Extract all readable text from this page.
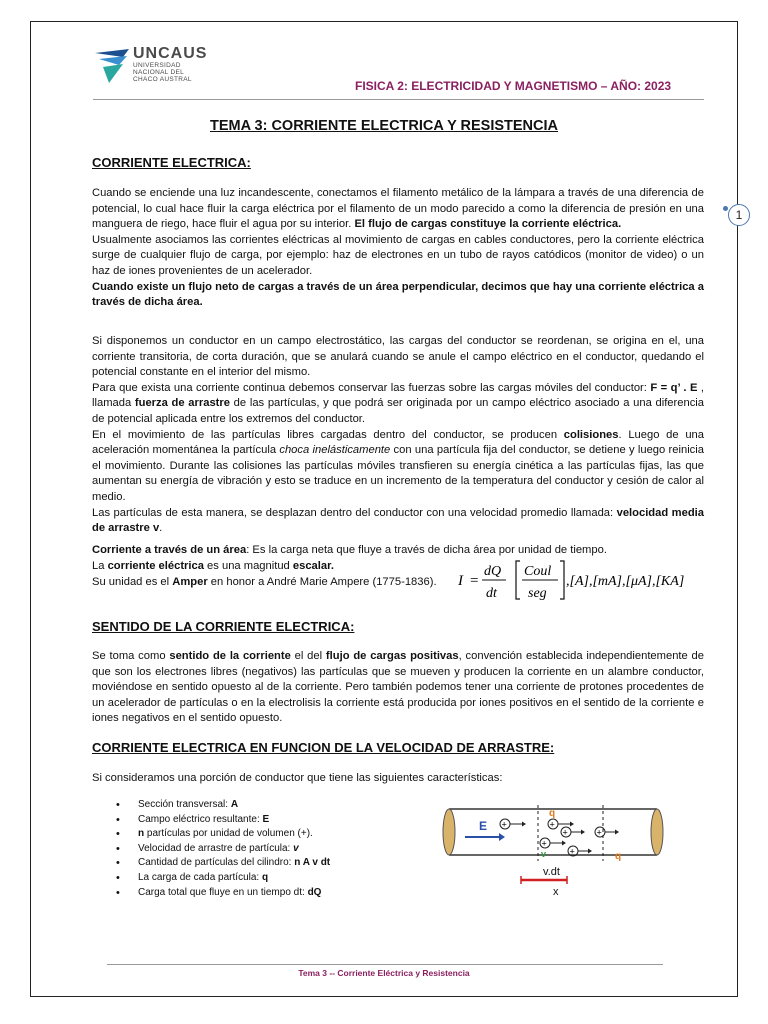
UNCAUS
UNIVERSIDAD
NACIONAL DEL
CHACO AUSTRAL	FISICA 2: ELECTRICIDAD Y MAGNETISMO – AÑO: 2023
1
TEMA 3: CORRIENTE ELECTRICA Y RESISTENCIA
CORRIENTE ELECTRICA:
Cuando se enciende una luz incandescente, conectamos el filamento metálico de la lámpara a través de una diferencia de potencial, lo cual hace fluir la carga eléctrica por el filamento de un modo parecido a como la diferencia de presión en una manguera de riego, hace fluir el agua por su interior. El flujo de cargas constituye la corriente eléctrica.
Usualmente asociamos las corrientes eléctricas al movimiento de cargas en cables conductores, pero la corriente eléctrica surge de cualquier flujo de carga, por ejemplo: haz de electrones en un tubo de rayos catódicos (monitor de video) o un haz de iones provenientes de un acelerador.
Cuando existe un flujo neto de cargas a través de un área perpendicular, decimos que hay una corriente eléctrica a través de dicha área.
Si disponemos un conductor en un campo electrostático, las cargas del conductor se reordenan, se origina en el, una corriente transitoria, de corta duración, que se anulará cuando se anule el campo eléctrico en el conductor, quedando el potencial constante en el interior del mismo.
Para que exista una corriente continua debemos conservar las fuerzas sobre las cargas móviles del conductor: F = q’ . E , llamada fuerza de arrastre de las partículas, y que podrá ser originada por un campo eléctrico asociado a una diferencia de potencial aplicada entre los extremos del conductor.
En el movimiento de las partículas libres cargadas dentro del conductor, se producen colisiones. Luego de una aceleración momentánea la partícula choca inelásticamente con una partícula fija del conductor, se detiene y luego reinicia el movimiento. Durante las colisiones las partículas móviles transfieren su energía cinética a las partículas fijas, las que aumentan su energía de vibración y esto se traduce en un incremento de la temperatura del conductor y cesión de calor al medio.
Las partículas de esta manera, se desplazan dentro del conductor con una velocidad promedio llamada: velocidad media de arrastre v.
Corriente a través de un área: Es la carga neta que fluye a través de dicha área por unidad de tiempo.
La corriente eléctrica es una magnitud escalar.
Su unidad es el Amper en honor a André Marie Ampere (1775-1836).	I =
dQ
dt
Coul
seg
,[A],[mA],[μA],[KA]
SENTIDO DE LA CORRIENTE ELECTRICA:
Se toma como sentido de la corriente el del flujo de cargas positivas, convención establecida independientemente de que son los electrones libres (negativos) las partículas que se mueven y producen la corriente en un alambre conductor, moviéndose en sentido opuesto al de la corriente. Pero también podemos tener una corriente de protones procedentes de un acelerador de partículas o en la electrolisis la corriente está producida por iones positivos en el sentido de la corriente e iones negativos en el sentido opuesto.
CORRIENTE ELECTRICA EN FUNCION DE LA VELOCIDAD DE ARRASTRE:
Si consideramos una porción de conductor que tiene las siguientes características:
• Sección transversal: A
• Campo eléctrico resultante: E
• n partículas por unidad de volumen (+).
• Velocidad de arrastre de partícula: v
• Cantidad de partículas del cilindro: n A v dt
• La carga de cada partícula: q
• Carga total que fluye en un tiempo dt: dQ
E +	+
+
+
+
+
q
q
v
v.dt
x
Tema 3 -- Corriente Eléctrica y Resistencia
